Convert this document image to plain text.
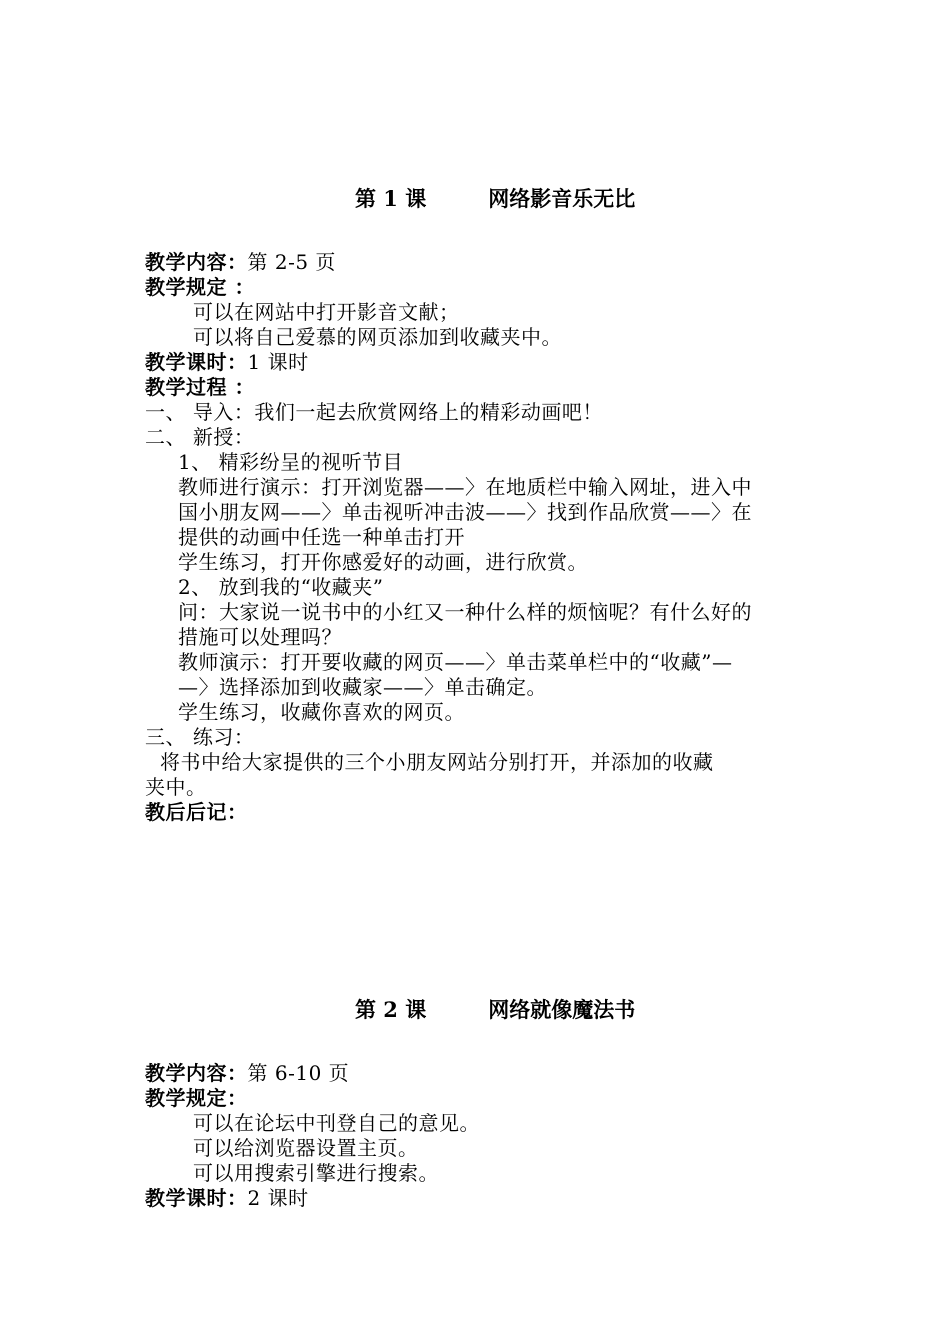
第 1 课	网络影音乐无比
教学内容：第 2-5 页
教学规定 ：
可以在网站中打开影音文献；
可以将自己爱慕的网页添加到收藏夹中。
教学课时：1 课时
教学过程 ：
一、 导入：我们一起去欣赏网络上的精彩动画吧！
二、 新授：
1、 精彩纷呈的视听节目
教师进行演示：打开浏览器——〉在地质栏中输入网址，进入中
国小朋友网——〉单击视听冲击波——〉找到作品欣赏——〉在
提供的动画中任选一种单击打开
学生练习，打开你感爱好的动画，进行欣赏。
2、 放到我的“收藏夹”
问：大家说一说书中的小红又一种什么样的烦恼呢？有什么好的
措施可以处理吗？
教师演示：打开要收藏的网页——〉单击菜单栏中的“收藏”—
—〉选择添加到收藏家——〉单击确定。
学生练习，收藏你喜欢的网页。
三、 练习：
将书中给大家提供的三个小朋友网站分别打开，并添加的收藏
夹中。
教后后记：
第 2 课	网络就像魔法书
教学内容：第 6-10 页
教学规定：
可以在论坛中刊登自己的意见。
可以给浏览器设置主页。
可以用搜索引擎进行搜索。
教学课时：2 课时
